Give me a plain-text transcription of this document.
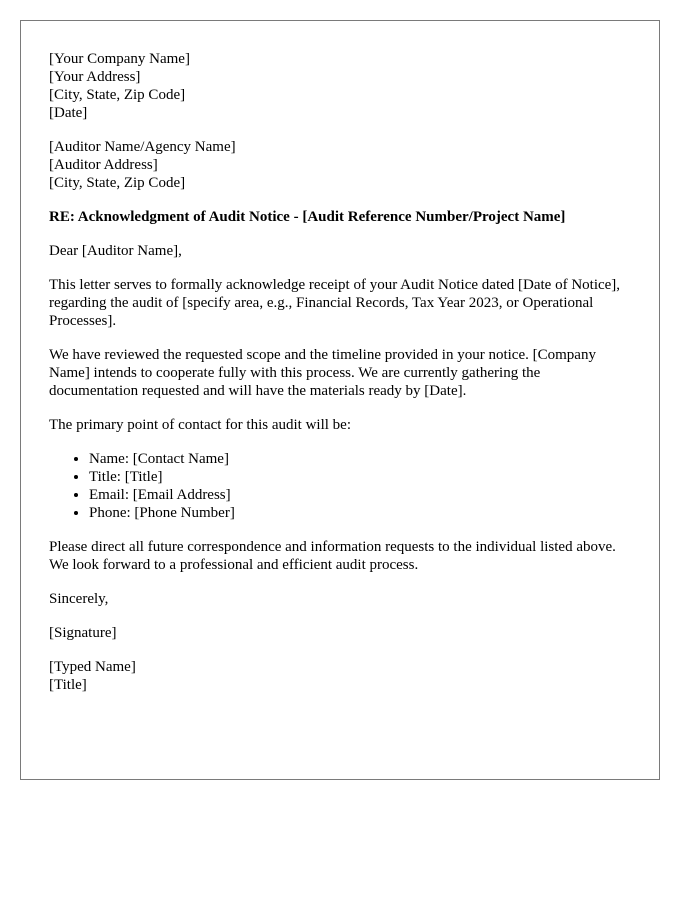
[Your Company Name]
[Your Address]
[City, State, Zip Code]
[Date]
[Auditor Name/Agency Name]
[Auditor Address]
[City, State, Zip Code]
RE: Acknowledgment of Audit Notice - [Audit Reference Number/Project Name]

Dear [Auditor Name],

This letter serves to formally acknowledge receipt of your Audit Notice dated [Date of Notice], regarding the audit of [specify area, e.g., Financial Records, Tax Year 2023, or Operational Processes].

We have reviewed the requested scope and the timeline provided in your notice. [Company Name] intends to cooperate fully with this process. We are currently gathering the documentation requested and will have the materials ready by [Date].

The primary point of contact for this audit will be:

• Name: [Contact Name]
• Title: [Title]
• Email: [Email Address]
• Phone: [Phone Number]

Please direct all future correspondence and information requests to the individual listed above. We look forward to a professional and efficient audit process.

Sincerely,

[Signature]

[Typed Name]
[Title]
